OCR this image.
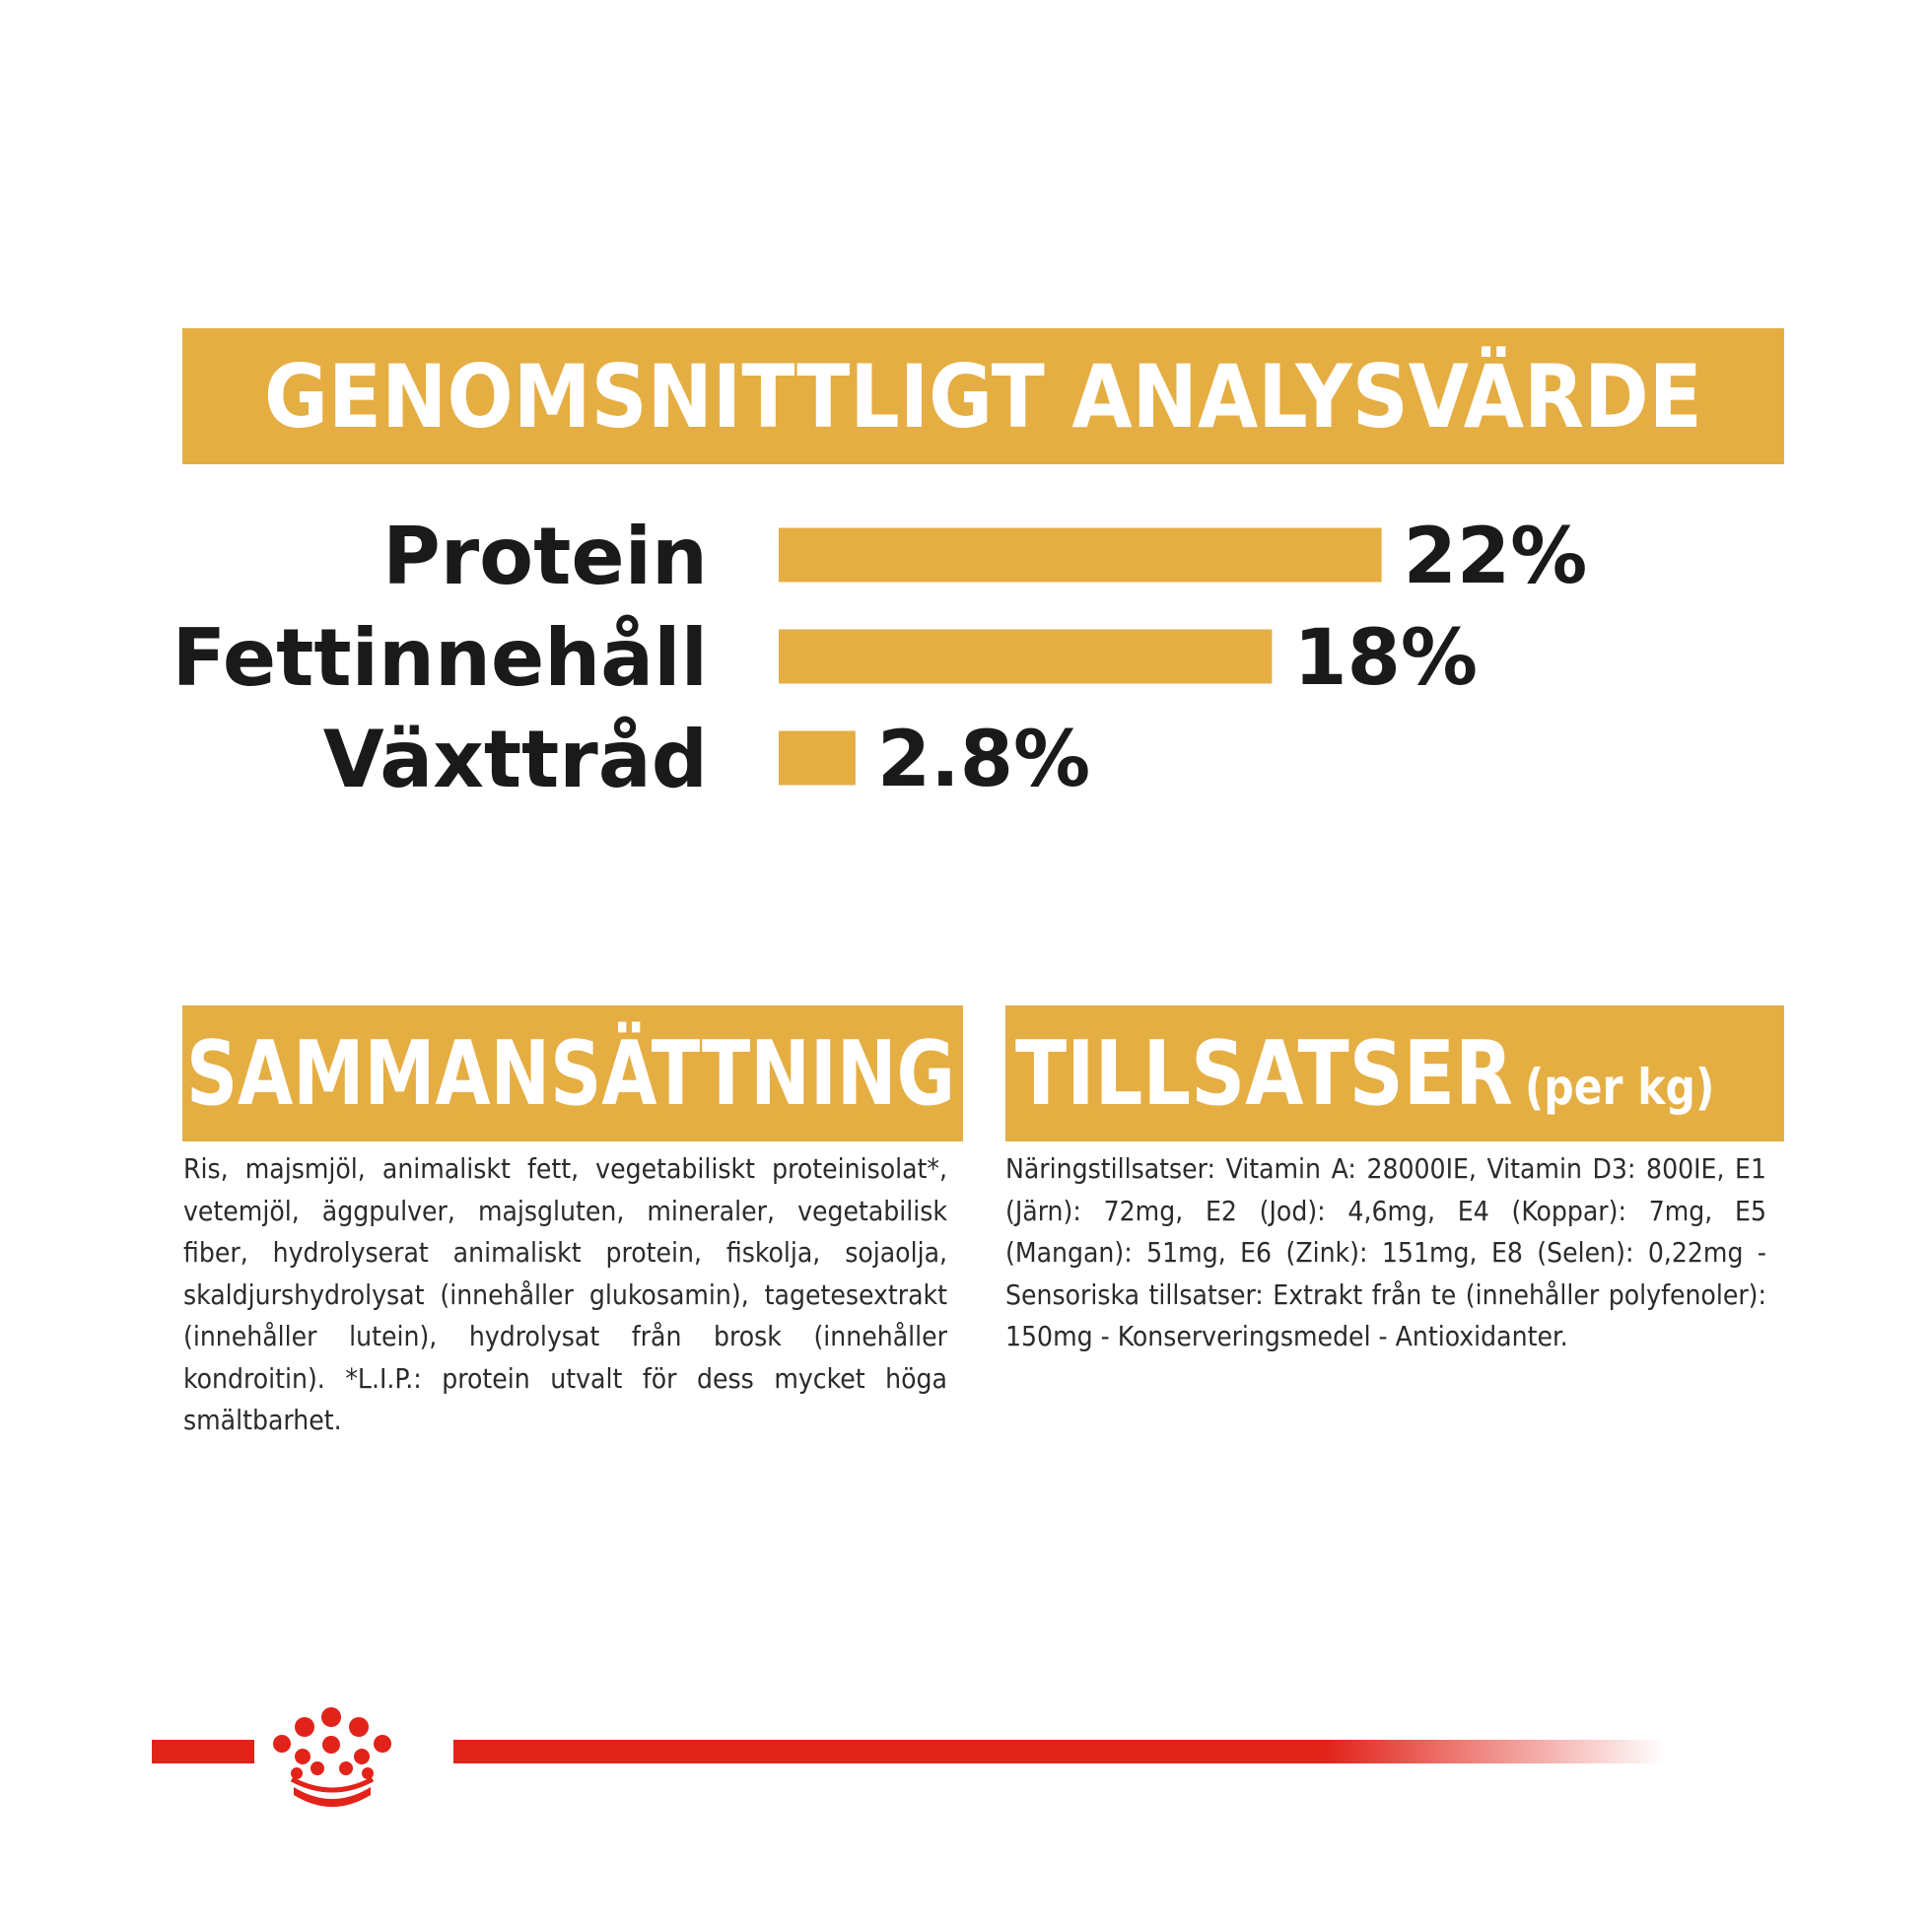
GENOMSNITTLIGT ANALYSVÄRDE
Protein	22%
Fettinnehåll	18%
Växttråd 2.8%
SAMMANSÄTTNING TILLSATSER (per kg)
Ris, majsmjöl, animaliskt fett, vegetabiliskt proteinisolat*, vetemjöl, äggpulver, majsgluten, mineraler, vegetabilisk fiber, hydrolyserat animaliskt protein, fiskolja, sojaolja, skaldjurshydrolysat (innehåller glukosamin), tagetesextrakt (innehåller lutein), hydrolysat från brosk (innehåller kondroitin). *L.I.P.: protein utvalt för dess mycket höga smältbarhet.
Näringstillsatser: Vitamin A: 28000IE, Vitamin D3: 800IE, E1 (Järn): 72mg, E2 (Jod): 4,6mg, E4 (Koppar): 7mg, E5 (Mangan): 51mg, E6 (Zink): 151mg, E8 (Selen): 0,22mg - Sensoriska tillsatser: Extrakt från te (innehåller polyfenoler): 150mg - Konserveringsmedel - Antioxidanter.
